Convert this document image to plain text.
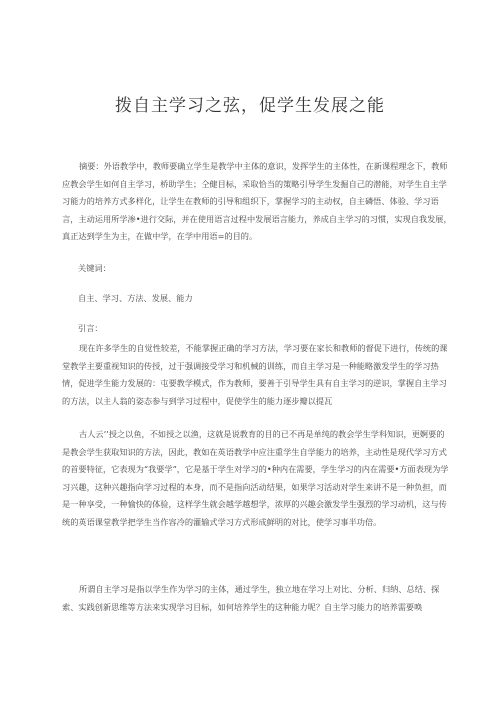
拨自主学习之弦，促学生发展之能

摘要：外语教学中，教师要确立学生是教学中主体的意识，发挥学生的主体性，在新课程理念下，教师应教会学生如何自主学习，桥助学生；仝健目标，采取恰当的策略引导学生发掘自己的潜能，对学生自主学习能力的培养方式多样化，让学生在教师的引导和组织下，掌握学习的主动权，自主磷悟、体验、学习语言，主动运用所学渗•进行交际，并在使用语言过程中发展语言能力，养成自主学习的习惯，实现自我发展，真正达到学生为主，在做中学，在学中用语=的目的。

关键词：

自主、学习、方法、发展、能力

引言：

现在许多学生的自觉性较差，不能掌握正确的学习方法，学习要在家长和教师的督促下进行，传统的课堂教学主要重视知识的传授，过于强调接受学习和机械的训练，而自主学习是一种能略激发学生的学习热情，促进学生能力发展的：屯要教学模式，作为教师，要善于引导学生具有自主学习的逆识，掌握自主学习的方法，以主人翁的姿态参与到学习过程中，促使学生的能力逐步瓣以提瓦

古人云’’授之以鱼，不如授之以渔，这就是说教育的目的已不再是单纯的教会学生学科知识，更婀要的是教会学生获取知识的方法，因此，教如在英语教学中应注重学生自学能力的培养，主动性是现代学习方式的首要特征，它表现为“我要学”，它是基于学生对学习的•种内在需要，学生学习的内在需要•方面表现为学习兴趣，这种兴趣指向学习过程的本身，而不是指向活动结果，如果学习活动对学生来讲不是一种负担，而是一种享受，一种愉快的体验，这样学生就会越学越想学，浓厚的兴趣会激发学生强烈的学习动机，这与传统的英语课堂教学把学生当作容冷的灌输式学习方式形成鲜明的对比，使学习事半功倍。

所谓自主学习是指以学生作为学习的主体，通过学生，独立地在学习上对比、分析、归纳、总结、探索、实践创新思维等方法来实现学习目标，如何培养学生的这种能力呢？自主学习能力的培养需要唤
